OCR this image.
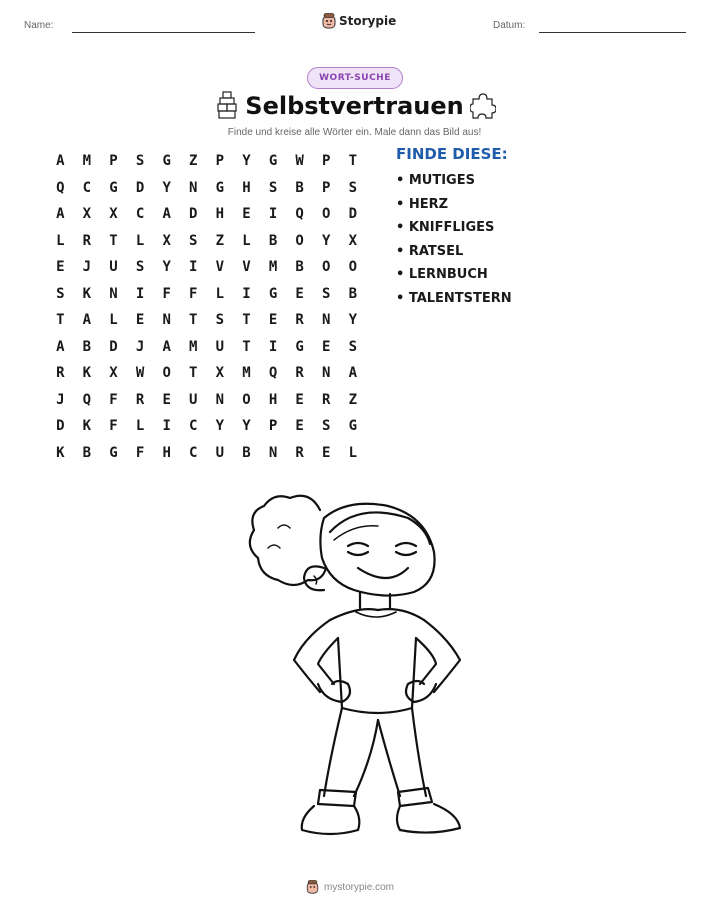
Name:	Storypie	Datum:
WORT-SUCHE
Selbstvertrauen
Finde und kreise alle Wörter ein. Male dann das Bild aus!
A	M	P	S	G	Z	P	Y	G	W	P	T
Q	C	G	D	Y	N	G	H	S	B	P	S
A	X	X	C	A	D	H	E	I	Q	O	D
L	R	T	L	X	S	Z	L	B	O	Y	X
E	J	U	S	Y	I	V	V	M	B	O	O
S	K	N	I	F	F	L	I	G	E	S	B
T	A	L	E	N	T	S	T	E	R	N	Y
A	B	D	J	A	M	U	T	I	G	E	S
R	K	X	W	O	T	X	M	Q	R	N	A
J	Q	F	R	E	U	N	O	H	E	R	Z
D	K	F	L	I	C	Y	Y	P	E	S	G
K	B	G	F	H	C	U	B	N	R	E	L
FINDE DIESE:
• MUTIGES
• HERZ
• KNIFFLIGES
• RATSEL
• LERNBUCH
• TALENTSTERN
mystorypie.com
